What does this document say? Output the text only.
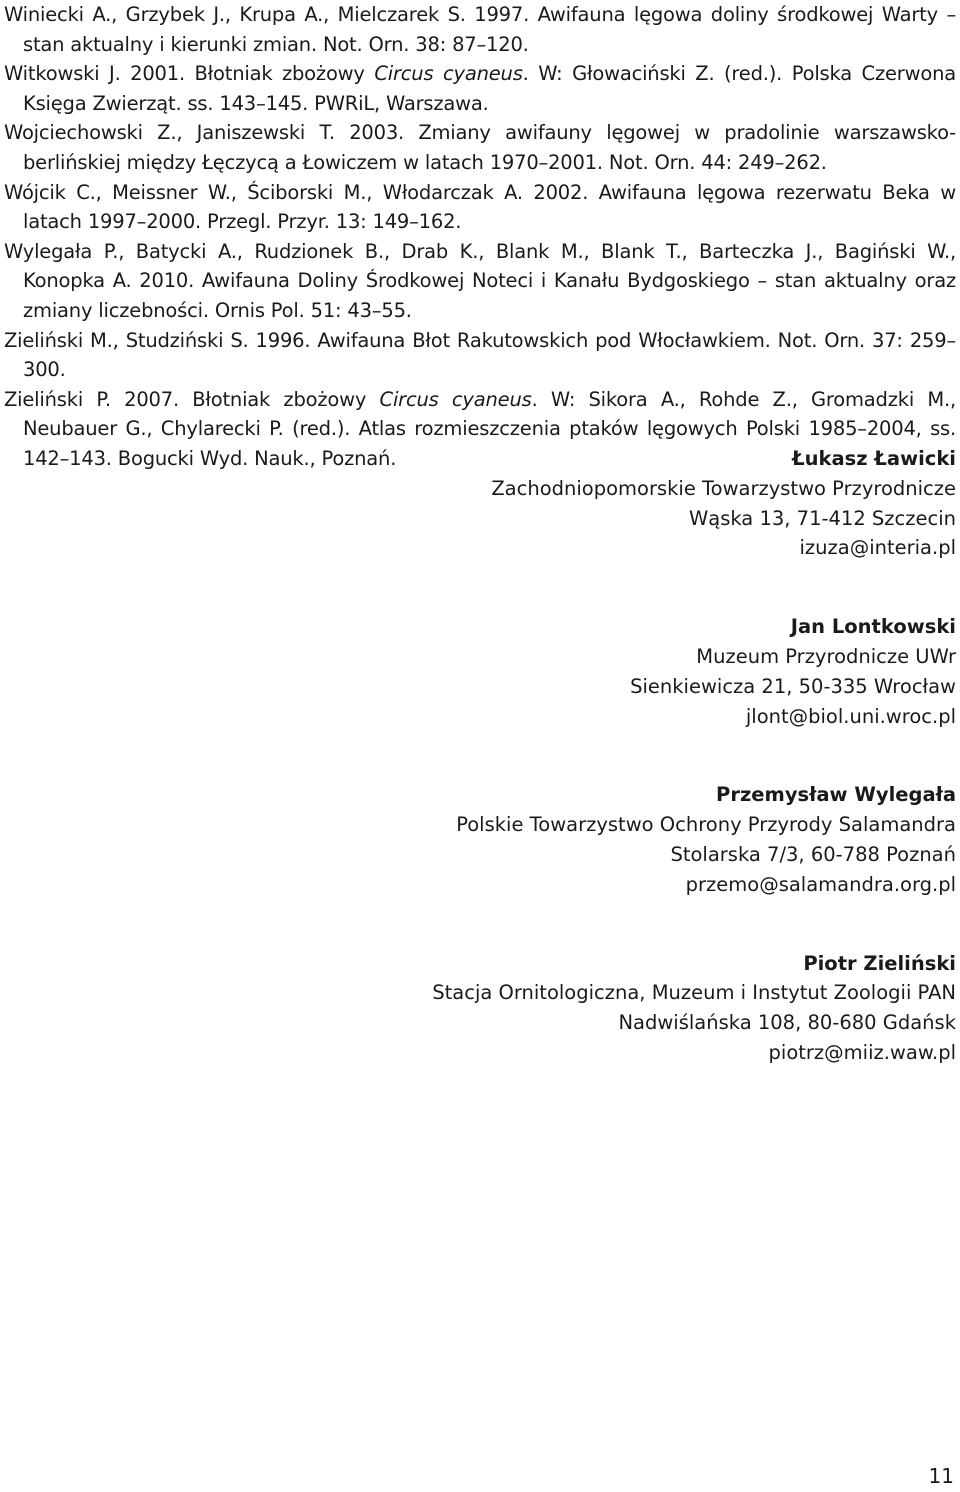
Winiecki A., Grzybek J., Krupa A., Mielczarek S. 1997. Awifauna lęgowa doliny środkowej Warty – stan aktualny i kierunki zmian. Not. Orn. 38: 87–120.

Witkowski J. 2001. Błotniak zbożowy Circus cyaneus. W: Głowaciński Z. (red.). Polska Czerwona Księga Zwierząt. ss. 143–145. PWRiL, Warszawa.

Wojciechowski Z., Janiszewski T. 2003. Zmiany awifauny lęgowej w pradolinie warszawsko-berlińskiej między Łęczycą a Łowiczem w latach 1970–2001. Not. Orn. 44: 249–262.

Wójcik C., Meissner W., Ściborski M., Włodarczak A. 2002. Awifauna lęgowa rezerwatu Beka w latach 1997–2000. Przegl. Przyr. 13: 149–162.

Wylegała P., Batycki A., Rudzionek B., Drab K., Blank M., Blank T., Barteczka J., Bagiński W., Konopka A. 2010. Awifauna Doliny Środkowej Noteci i Kanału Bydgoskiego – stan aktualny oraz zmiany liczebności. Ornis Pol. 51: 43–55.

Zieliński M., Studziński S. 1996. Awifauna Błot Rakutowskich pod Włocławkiem. Not. Orn. 37: 259–300.

Zieliński P. 2007. Błotniak zbożowy Circus cyaneus. W: Sikora A., Rohde Z., Gromadzki M., Neubauer G., Chylarecki P. (red.). Atlas rozmieszczenia ptaków lęgowych Polski 1985–2004, ss. 142–143. Bogucki Wyd. Nauk., Poznań.	Łukasz Ławicki
Zachodniopomorskie Towarzystwo Przyrodnicze
Wąska 13, 71-412 Szczecin
izuza@interia.pl
Jan Lontkowski
Muzeum Przyrodnicze UWr
Sienkiewicza 21, 50-335 Wrocław
jlont@biol.uni.wroc.pl
Przemysław Wylegała
Polskie Towarzystwo Ochrony Przyrody Salamandra
Stolarska 7/3, 60-788 Poznań
przemo@salamandra.org.pl
Piotr Zieliński
Stacja Ornitologiczna, Muzeum i Instytut Zoologii PAN
Nadwiślańska 108, 80-680 Gdańsk
piotrz@miiz.waw.pl
11
